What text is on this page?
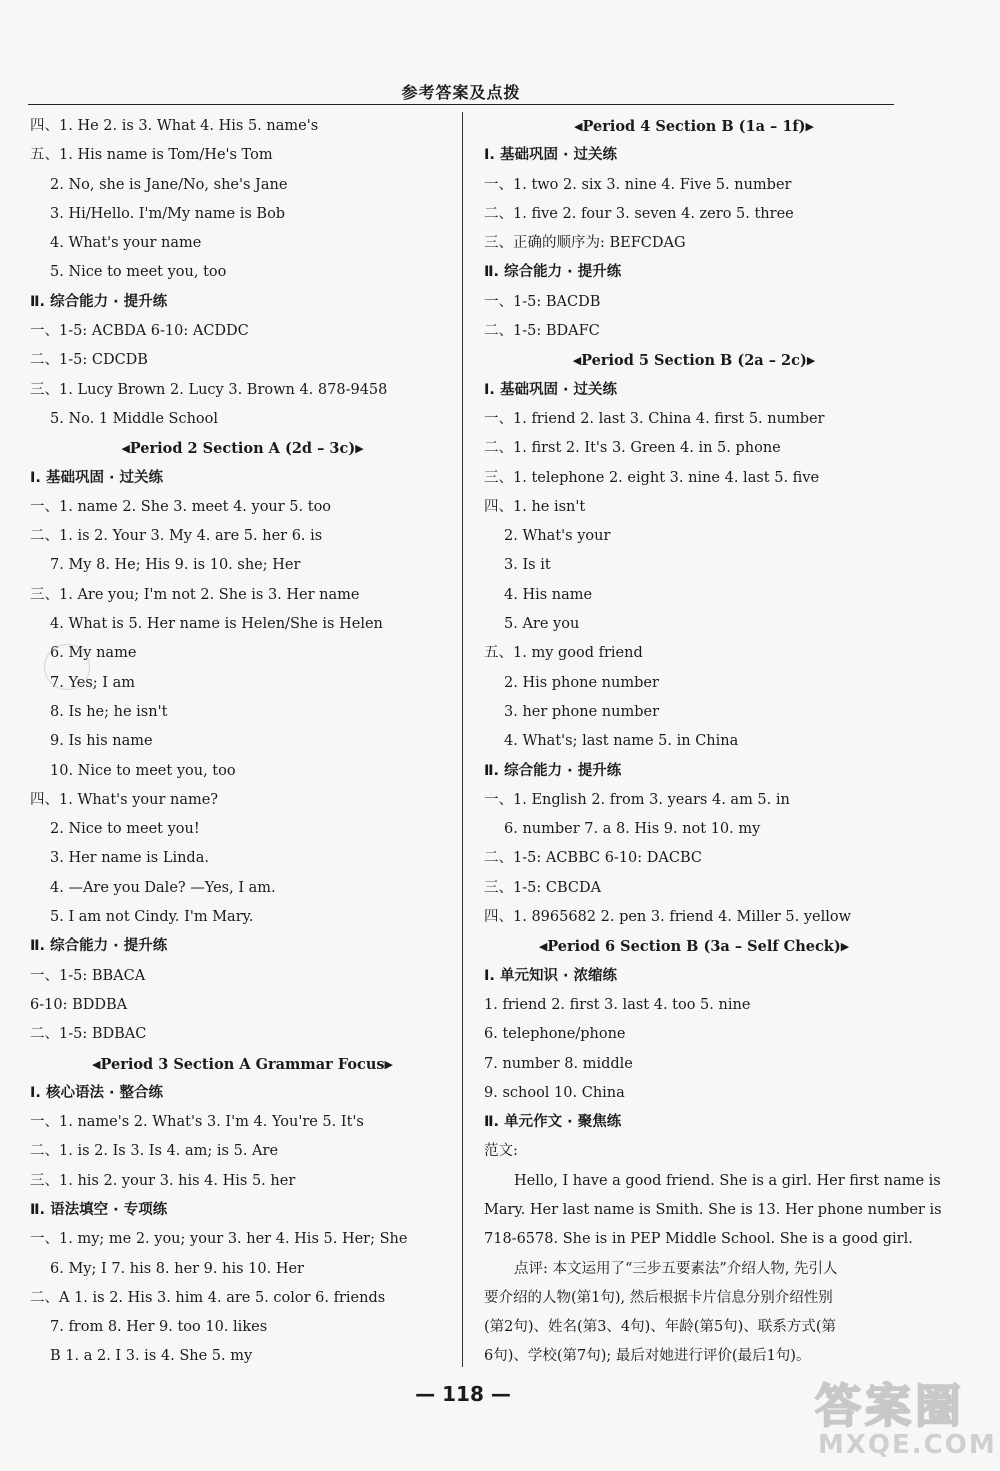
参考答案及点拨
四、1. He 2. is 3. What 4. His 5. name's
五、1. His name is Tom/He's Tom
2. No, she is Jane/No, she's Jane
3. Hi/Hello. I'm/My name is Bob
4. What's your name
5. Nice to meet you, too
Ⅱ. 综合能力 · 提升练
一、1-5: ACBDA 6-10: ACDDC
二、1-5: CDCDB
三、1. Lucy Brown 2. Lucy 3. Brown 4. 878-9458
5. No. 1 Middle School
◀Period 2 Section A (2d – 3c)▶
Ⅰ. 基础巩固 · 过关练
一、1. name 2. She 3. meet 4. your 5. too
二、1. is 2. Your 3. My 4. are 5. her 6. is
7. My 8. He; His 9. is 10. she; Her
三、1. Are you; I'm not 2. She is 3. Her name
4. What is 5. Her name is Helen/She is Helen
6. My name
7. Yes; I am
8. Is he; he isn't
9. Is his name
10. Nice to meet you, too
四、1. What's your name?
2. Nice to meet you!
3. Her name is Linda.
4. —Are you Dale? —Yes, I am.
5. I am not Cindy. I'm Mary.
Ⅱ. 综合能力 · 提升练
一、1-5: BBACA
6-10: BDDBA
二、1-5: BDBAC
◀Period 3 Section A Grammar Focus▶
Ⅰ. 核心语法 · 整合练
一、1. name's 2. What's 3. I'm 4. You're 5. It's
二、1. is 2. Is 3. Is 4. am; is 5. Are
三、1. his 2. your 3. his 4. His 5. her
Ⅱ. 语法填空 · 专项练
一、1. my; me 2. you; your 3. her 4. His 5. Her; She
6. My; I 7. his 8. her 9. his 10. Her
二、A 1. is 2. His 3. him 4. are 5. color 6. friends
7. from 8. Her 9. too 10. likes
B 1. a 2. I 3. is 4. She 5. my
◀Period 4 Section B (1a – 1f)▶
Ⅰ. 基础巩固 · 过关练
一、1. two 2. six 3. nine 4. Five 5. number
二、1. five 2. four 3. seven 4. zero 5. three
三、正确的顺序为: BEFCDAG
Ⅱ. 综合能力 · 提升练
一、1-5: BACDB
二、1-5: BDAFC
◀Period 5 Section B (2a – 2c)▶
Ⅰ. 基础巩固 · 过关练
一、1. friend 2. last 3. China 4. first 5. number
二、1. first 2. It's 3. Green 4. in 5. phone
三、1. telephone 2. eight 3. nine 4. last 5. five
四、1. he isn't
2. What's your
3. Is it
4. His name
5. Are you
五、1. my good friend
2. His phone number
3. her phone number
4. What's; last name 5. in China
Ⅱ. 综合能力 · 提升练
一、1. English 2. from 3. years 4. am 5. in
6. number 7. a 8. His 9. not 10. my
二、1-5: ACBBC 6-10: DACBC
三、1-5: CBCDA
四、1. 8965682 2. pen 3. friend 4. Miller 5. yellow
◀Period 6 Section B (3a – Self Check)▶
Ⅰ. 单元知识 · 浓缩练
1. friend 2. first 3. last 4. too 5. nine
6. telephone/phone
7. number 8. middle
9. school 10. China
Ⅱ. 单元作文 · 聚焦练
范文:
Hello, I have a good friend. She is a girl. Her first name is
Mary. Her last name is Smith. She is 13. Her phone number is
718-6578. She is in PEP Middle School. She is a good girl.
点评: 本文运用了“三步五要素法”介绍人物, 先引人
要介绍的人物(第1句), 然后根据卡片信息分别介绍性别
(第2句)、姓名(第3、4句)、年龄(第5句)、联系方式(第
6句)、学校(第7句); 最后对她进行评价(最后1句)。
— 118 —	答案圈
MXQE.COM
